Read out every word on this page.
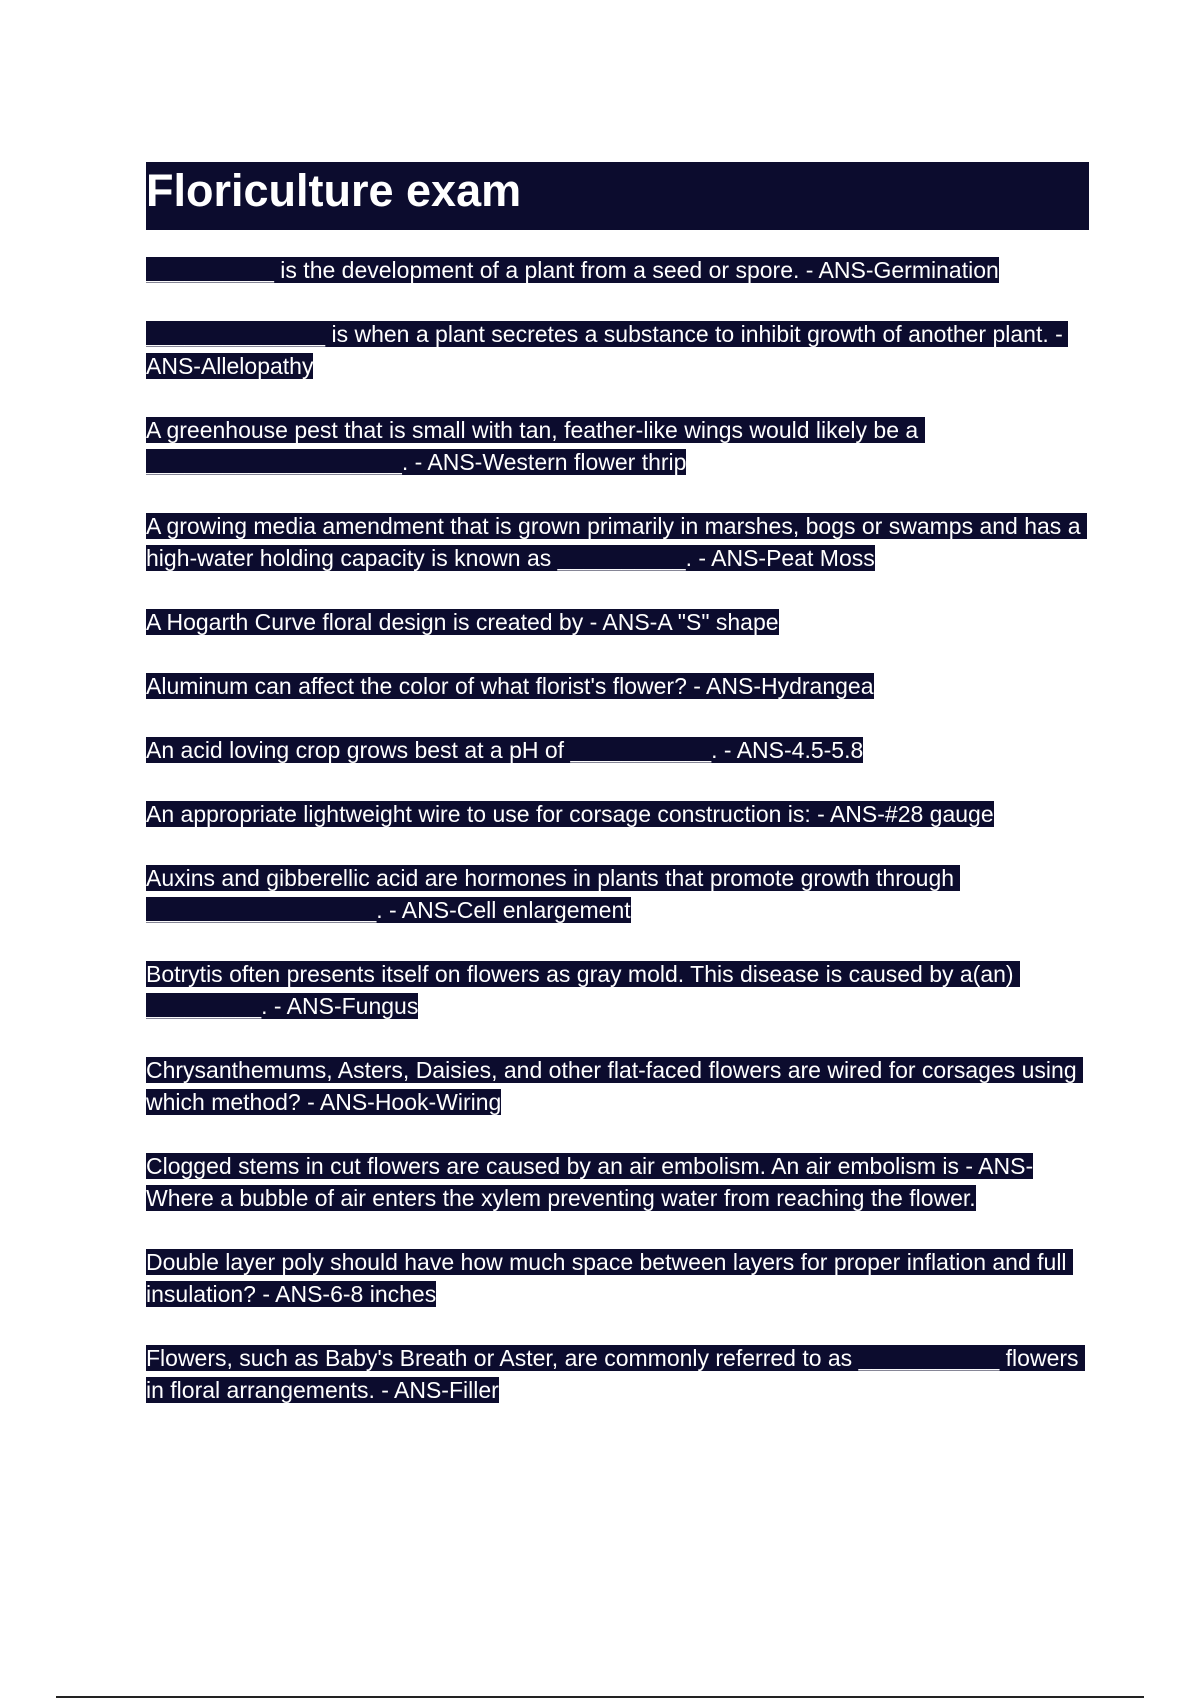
Floriculture exam
__________ is the development of a plant from a seed or spore. - ANS-Germination
______________ is when a plant secretes a substance to inhibit growth of another plant. - ANS-Allelopathy
A greenhouse pest that is small with tan, feather-like wings would likely be a ____________________. - ANS-Western flower thrip
A growing media amendment that is grown primarily in marshes, bogs or swamps and has a high-water holding capacity is known as __________. - ANS-Peat Moss
A Hogarth Curve floral design is created by - ANS-A "S" shape
Aluminum can affect the color of what florist's flower? - ANS-Hydrangea
An acid loving crop grows best at a pH of ___________. - ANS-4.5-5.8
An appropriate lightweight wire to use for corsage construction is: - ANS-#28 gauge
Auxins and gibberellic acid are hormones in plants that promote growth through __________________. - ANS-Cell enlargement
Botrytis often presents itself on flowers as gray mold. This disease is caused by a(an) _________. - ANS-Fungus
Chrysanthemums, Asters, Daisies, and other flat-faced flowers are wired for corsages using which method? - ANS-Hook-Wiring
Clogged stems in cut flowers are caused by an air embolism. An air embolism is - ANS-Where a bubble of air enters the xylem preventing water from reaching the flower.
Double layer poly should have how much space between layers for proper inflation and full insulation? - ANS-6-8 inches
Flowers, such as Baby's Breath or Aster, are commonly referred to as ___________ flowers in floral arrangements. - ANS-Filler
